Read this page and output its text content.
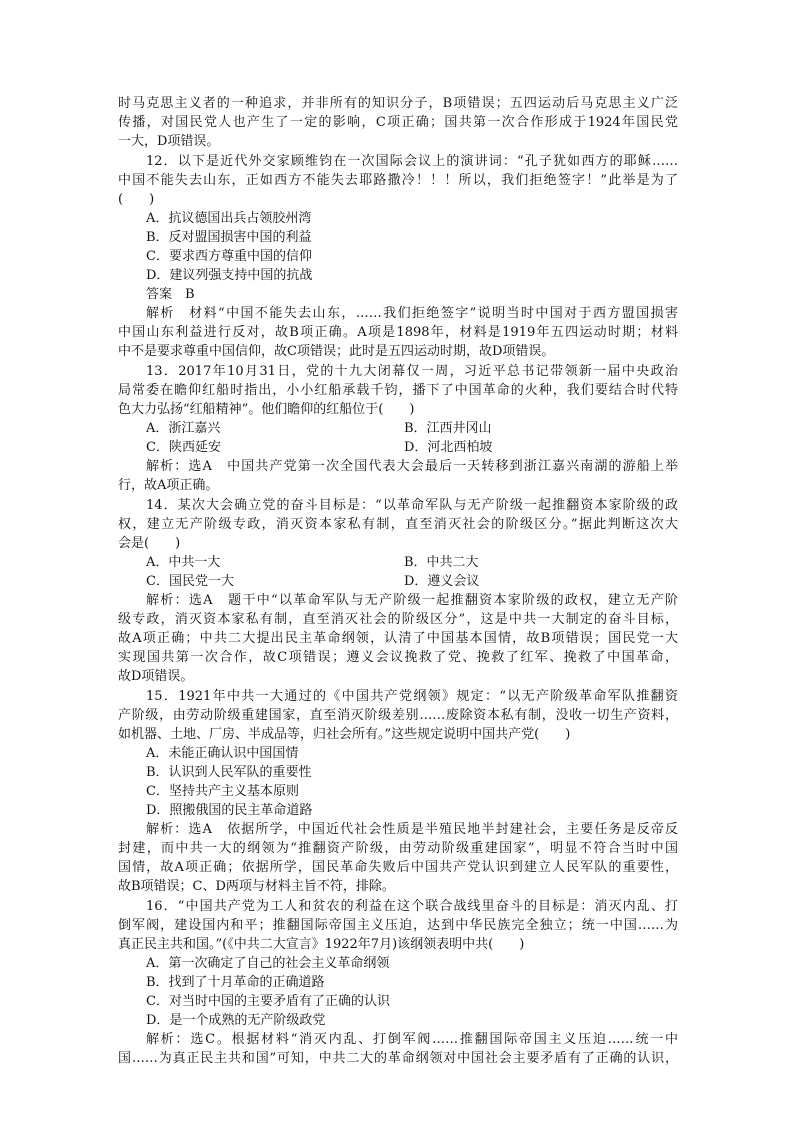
时马克思主义者的一种追求，并非所有的知识分子，B项错误；五四运动后马克思主义广泛
传播，对国民党人也产生了一定的影响，C项正确；国共第一次合作形成于1924年国民党
一大，D项错误。
12．以下是近代外交家顾维钧在一次国际会议上的演讲词：“孔子犹如西方的耶稣……
中国不能失去山东，正如西方不能失去耶路撒冷！！！所以，我们拒绝签字！”此举是为了
(　　)
A．抗议德国出兵占领胶州湾
B．反对盟国损害中国的利益
C．要求西方尊重中国的信仰
D．建议列强支持中国的抗战
答案　B
解析　材料“中国不能失去山东，……我们拒绝签字”说明当时中国对于西方盟国损害
中国山东利益进行反对，故B项正确。A项是1898年，材料是1919年五四运动时期；材料
中不是要求尊重中国信仰，故C项错误；此时是五四运动时期，故D项错误。
13．2017年10月31日，党的十九大闭幕仅一周，习近平总书记带领新一届中央政治
局常委在瞻仰红船时指出，小小红船承载千钧，播下了中国革命的火种，我们要结合时代特
色大力弘扬“红船精神”。他们瞻仰的红船位于(　　)
A．浙江嘉兴	B．江西井冈山
C．陕西延安	D．河北西柏坡
解析：选A　中国共产党第一次全国代表大会最后一天转移到浙江嘉兴南湖的游船上举
行，故A项正确。
14．某次大会确立党的奋斗目标是：“以革命军队与无产阶级一起推翻资本家阶级的政
权，建立无产阶级专政，消灭资本家私有制，直至消灭社会的阶级区分。”据此判断这次大
会是(　　)
A．中共一大	B．中共二大
C．国民党一大	D．遵义会议
解析：选A　题干中“以革命军队与无产阶级一起推翻资本家阶级的政权，建立无产阶
级专政，消灭资本家私有制，直至消灭社会的阶级区分”，这是中共一大制定的奋斗目标，
故A项正确；中共二大提出民主革命纲领，认清了中国基本国情，故B项错误；国民党一大
实现国共第一次合作，故C项错误；遵义会议挽救了党、挽救了红军、挽救了中国革命，
故D项错误。
15．1921年中共一大通过的《中国共产党纲领》规定：“以无产阶级革命军队推翻资
产阶级，由劳动阶级重建国家，直至消灭阶级差别……废除资本私有制，没收一切生产资料，
如机器、土地、厂房、半成品等，归社会所有。”这些规定说明中国共产党(　　)
A．未能正确认识中国国情
B．认识到人民军队的重要性
C．坚持共产主义基本原则
D．照搬俄国的民主革命道路
解析：选A　依据所学，中国近代社会性质是半殖民地半封建社会，主要任务是反帝反
封建，而中共一大的纲领为“推翻资产阶级，由劳动阶级重建国家”，明显不符合当时中国
国情，故A项正确；依据所学，国民革命失败后中国共产党认识到建立人民军队的重要性，
故B项错误；C、D两项与材料主旨不符，排除。
16．“中国共产党为工人和贫农的利益在这个联合战线里奋斗的目标是：消灭内乱、打
倒军阀，建设国内和平；推翻国际帝国主义压迫，达到中华民族完全独立；统一中国……为
真正民主共和国。”(《中共二大宣言》1922年7月)该纲领表明中共(　　)
A．第一次确定了自己的社会主义革命纲领
B．找到了十月革命的正确道路
C．对当时中国的主要矛盾有了正确的认识
D．是一个成熟的无产阶级政党
解析：选C。根据材料“消灭内乱、打倒军阀……推翻国际帝国主义压迫……统一中
国……为真正民主共和国”可知，中共二大的革命纲领对中国社会主要矛盾有了正确的认识，
